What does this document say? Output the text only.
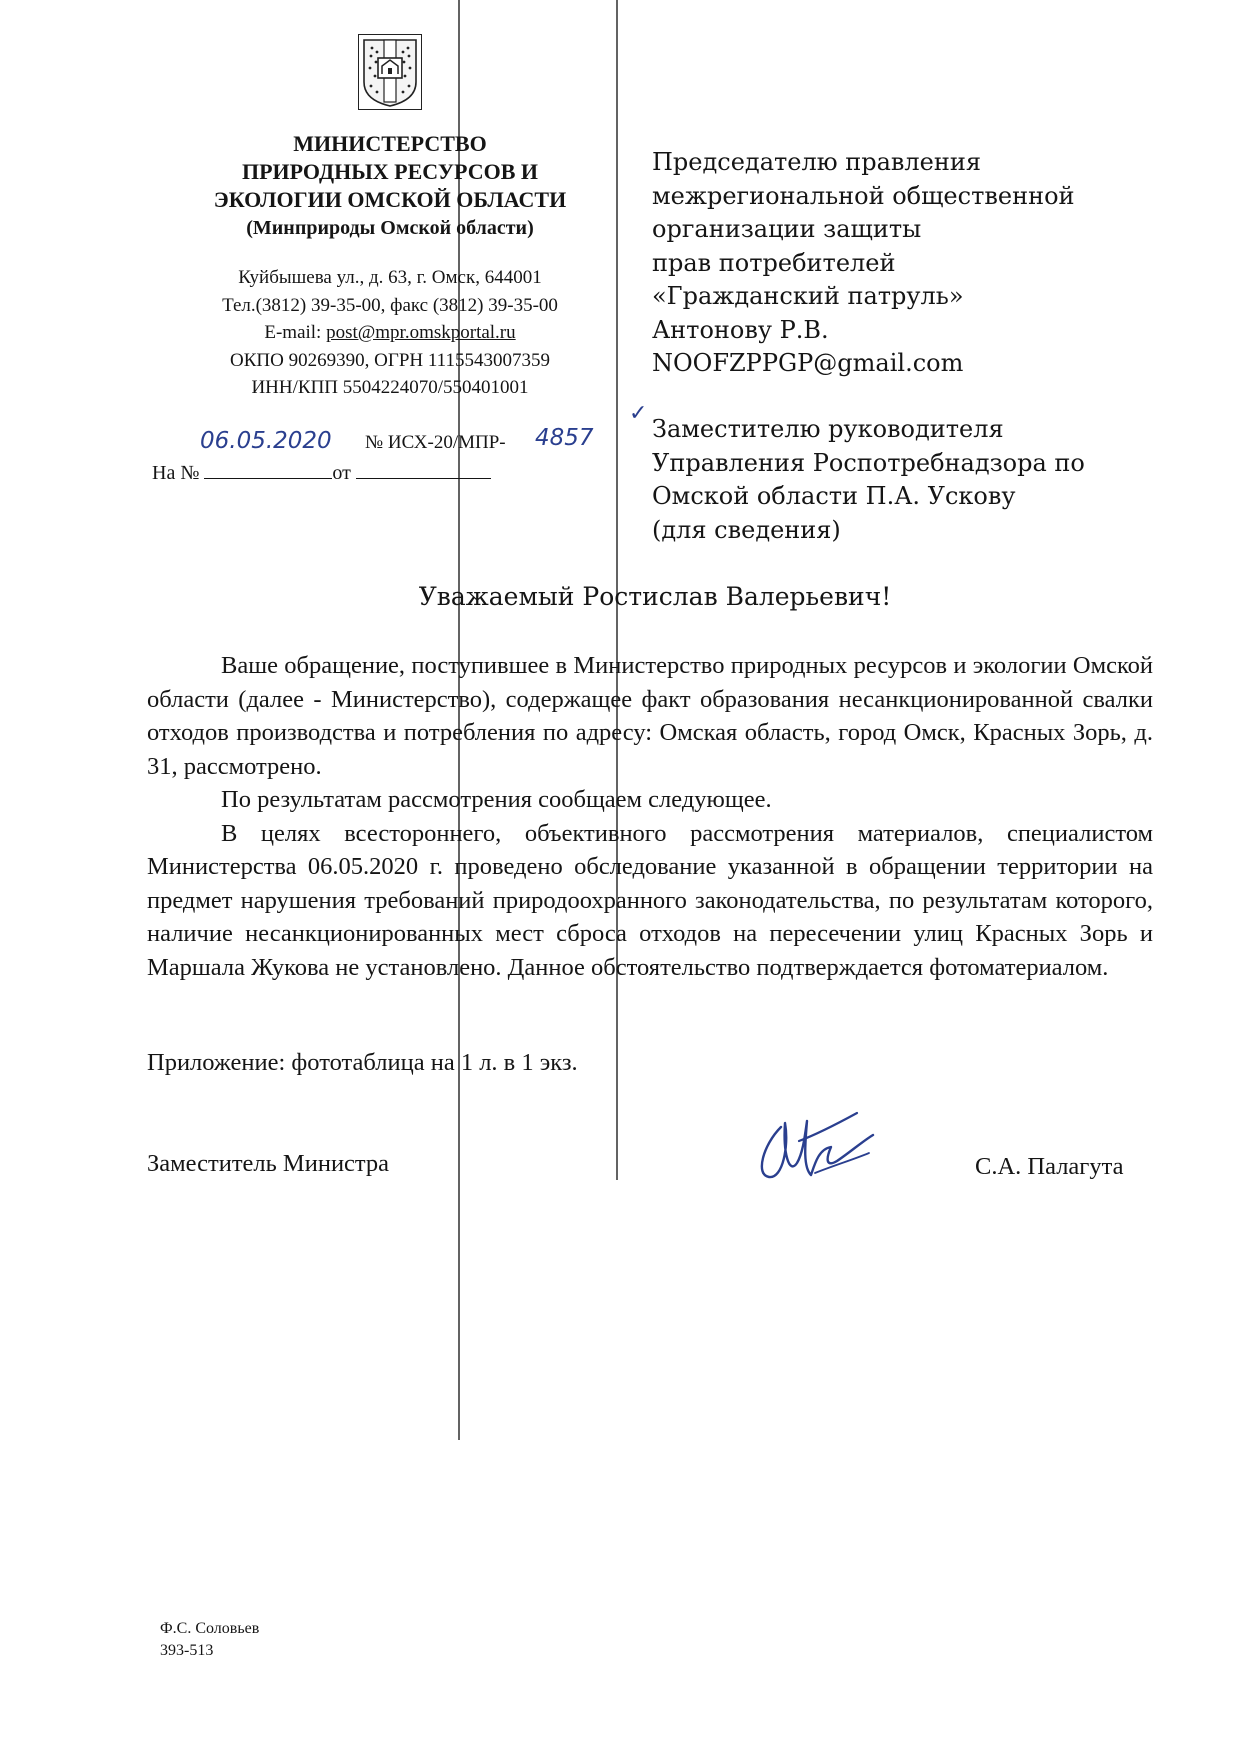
МИНИСТЕРСТВО
ПРИРОДНЫХ РЕСУРСОВ И
ЭКОЛОГИИ ОМСКОЙ ОБЛАСТИ
(Минприроды Омской области)
Куйбышева ул., д. 63, г. Омск, 644001
Тел.(3812) 39-35-00, факс (3812) 39-35-00
E-mail: post@mpr.omskportal.ru
ОКПО 90269390, ОГРН 1115543007359
ИНН/КПП 5504224070/550401001
06.05.2020 № ИСХ-20/МПР- 4857
На №	от
✓
Председателю правления
межрегиональной общественной
организации защиты
прав потребителей
«Гражданский патруль»
Антонову Р.В.
NOOFZPPGP@gmail.com
Заместителю руководителя
Управления Роспотребнадзора по
Омской области П.А. Ускову
(для сведения)
Уважаемый Ростислав Валерьевич!

Ваше обращение, поступившее в Министерство природных ресурсов и экологии Омской области (далее - Министерство), содержащее факт образования несанкционированной свалки отходов производства и потребления по адресу: Омская область, город Омск, Красных Зорь, д. 31, рассмотрено.

По результатам рассмотрения сообщаем следующее.

В целях всестороннего, объективного рассмотрения материалов, специалистом Министерства 06.05.2020 г. проведено обследование указанной в обращении территории на предмет нарушения требований природоохранного законодательства, по результатам которого, наличие несанкционированных мест сброса отходов на пересечении улиц Красных Зорь и Маршала Жукова не установлено. Данное обстоятельство подтверждается фотоматериалом.

Приложение: фототаблица на 1 л. в 1 экз.
Заместитель Министра	С.А. Палагута
Ф.С. Соловьев
393-513
